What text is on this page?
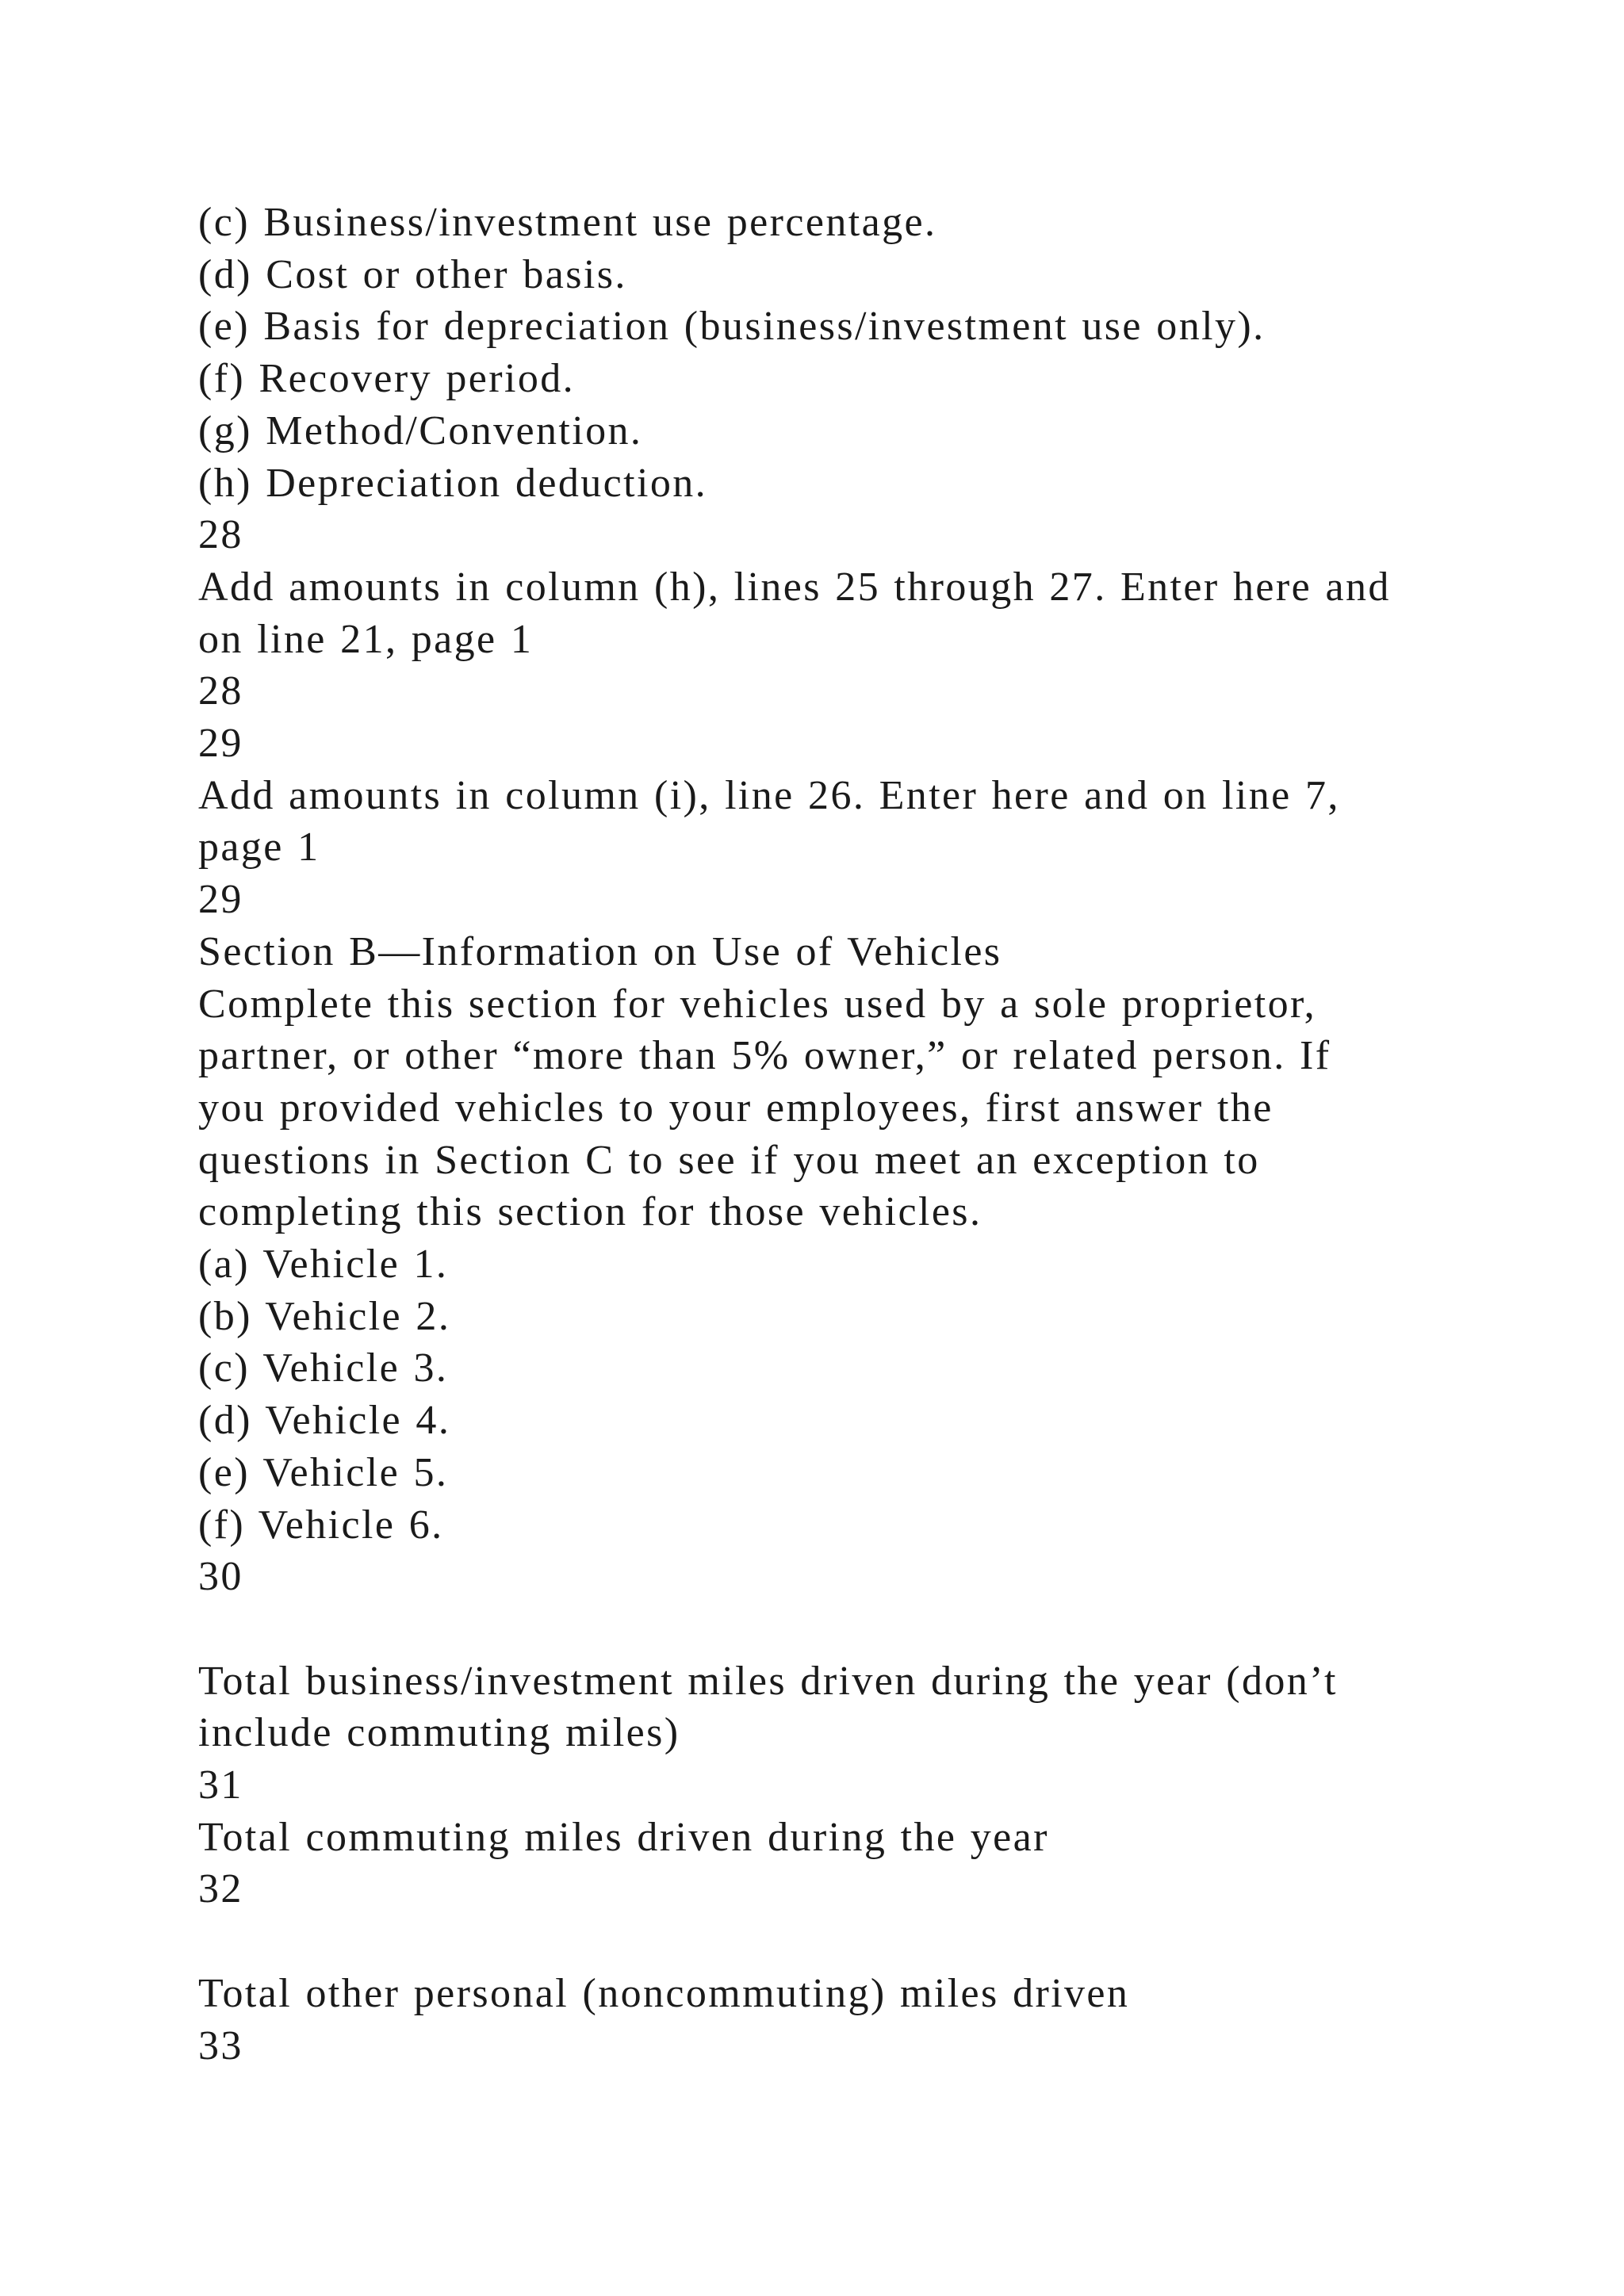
(c) Business/investment use percentage.
(d) Cost or other basis.
(e) Basis for depreciation (business/investment use only).
(f) Recovery period.
(g) Method/Convention.
(h) Depreciation deduction.
28
Add amounts in column (h), lines 25 through 27. Enter here and
on line 21, page 1
28
29
Add amounts in column (i), line 26. Enter here and on line 7,
page 1
29
Section B—Information on Use of Vehicles
Complete this section for vehicles used by a sole proprietor,
partner, or other “more than 5% owner,” or related person. If
you provided vehicles to your employees, first answer the
questions in Section C to see if you meet an exception to
completing this section for those vehicles.
(a) Vehicle 1.
(b) Vehicle 2.
(c) Vehicle 3.
(d) Vehicle 4.
(e) Vehicle 5.
(f) Vehicle 6.
30
Total business/investment miles driven during the year (don’t
include commuting miles)
31
Total commuting miles driven during the year
32
Total other personal (noncommuting) miles driven
33
